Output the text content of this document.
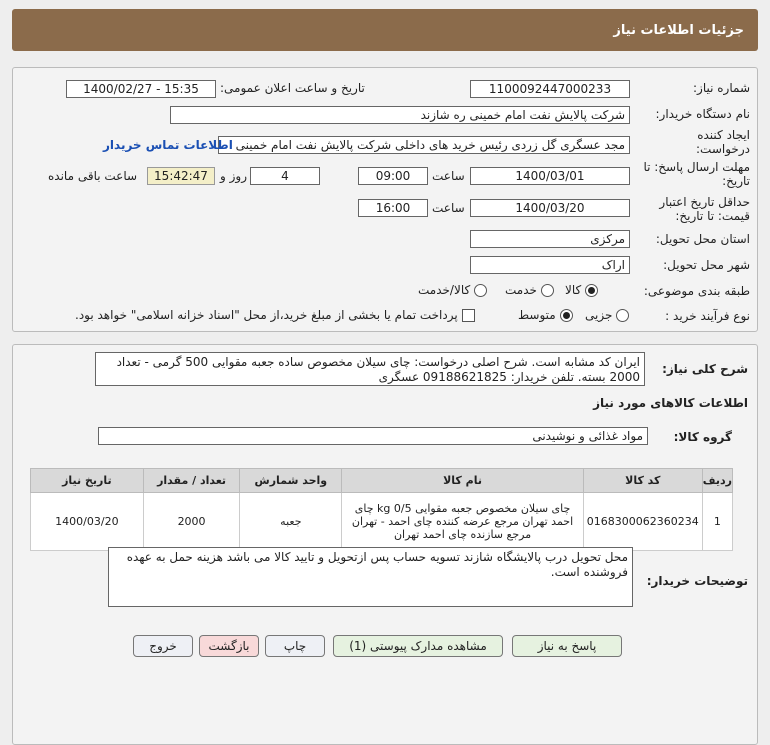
جزئیات اطلاعات نیاز
شماره نیاز:
1100092447000233
تاریخ و ساعت اعلان عمومی:
1400/02/27 - 15:35
نام دستگاه خریدار:
شرکت پالایش نفت امام خمینی ره شازند
ایجاد کننده درخواست:
مجد عسگری گل زردی رئیس خرید های داخلی شرکت پالایش نفت امام خمینی
اطلاعات تماس خریدار
مهلت ارسال پاسخ: تا تاریخ:
1400/03/01
ساعت
09:00
4
روز و
15:42:47
ساعت باقی مانده
حداقل تاریخ اعتبار قیمت: تا تاریخ:
1400/03/20
ساعت
16:00
استان محل تحویل:
مرکزی
شهر محل تحویل:
اراک
طبقه بندی موضوعی:
کالا
خدمت
کالا/خدمت
نوع فرآیند خرید :
جزیی
متوسط
پرداخت تمام یا بخشی از مبلغ خرید،از محل "اسناد خزانه اسلامی" خواهد بود.
شرح کلی نیاز:
ایران کد مشابه است. شرح اصلی درخواست: چای سیلان مخصوص ساده جعبه مقوایی 500 گرمی - تعداد 2000 بسته. تلفن خریدار: 09188621825 عسگری
اطلاعات کالاهای مورد نیاز
گروه کالا:
مواد غذائی و نوشیدنی
ردیف	کد کالا	نام کالا	واحد شمارش	تعداد / مقدار	تاریخ نیاز
1	0168300062360234	چای سیلان مخصوص جعبه مقوایی 0/5 kg چای احمد تهران مرجع عرضه کننده چای احمد - تهران مرجع سازنده چای احمد تهران	جعبه	2000	1400/03/20
توضیحات خریدار:
محل تحویل درب پالایشگاه شازند تسویه حساب پس ازتحویل و تایید کالا می باشد هزینه حمل به عهده فروشنده است.
پاسخ به نیاز
مشاهده مدارک پیوستی (1)
چاپ
بازگشت
خروج
